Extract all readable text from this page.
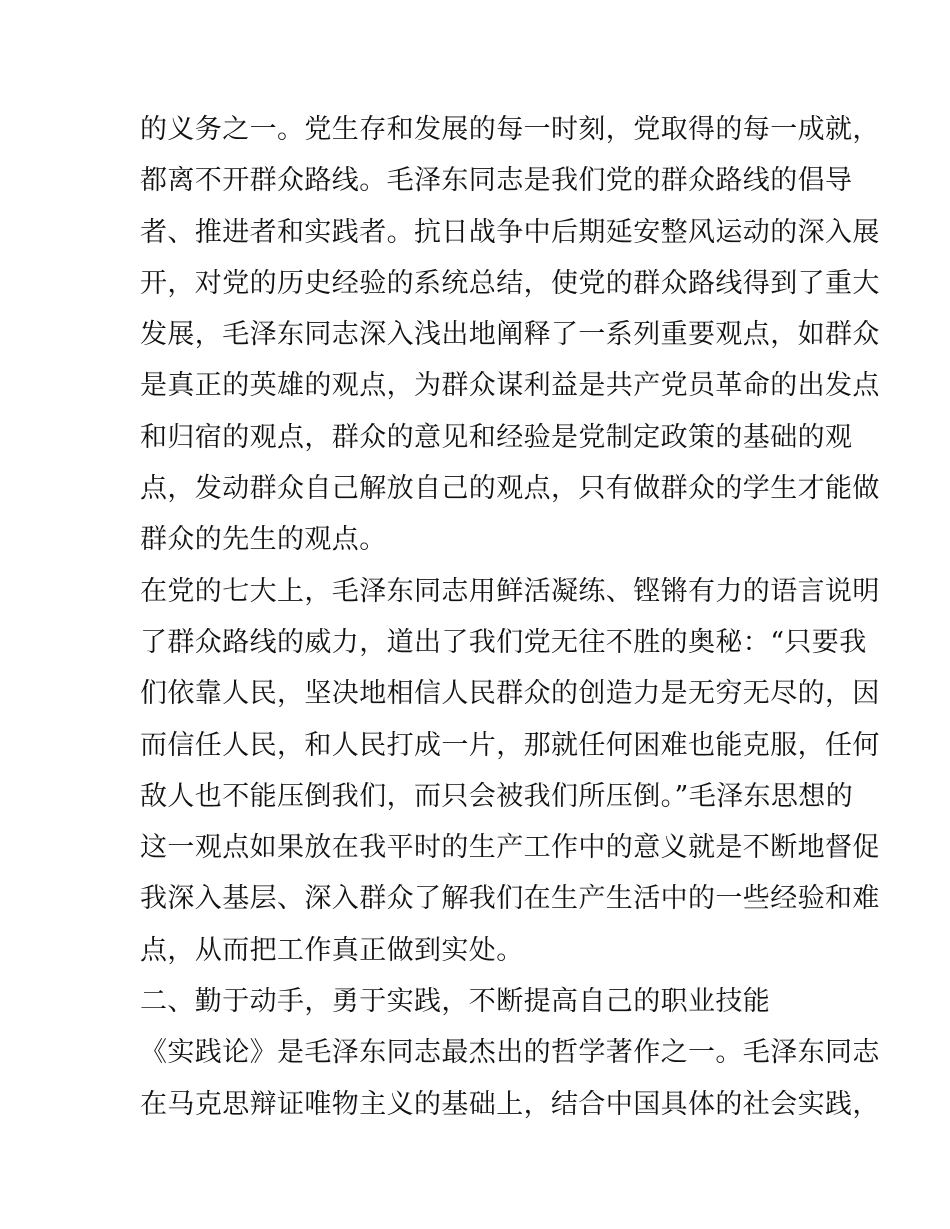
的义务之一。党生存和发展的每一时刻，党取得的每一成就，
都离不开群众路线。毛泽东同志是我们党的群众路线的倡导
者、推进者和实践者。抗日战争中后期延安整风运动的深入展
开，对党的历史经验的系统总结，使党的群众路线得到了重大
发展，毛泽东同志深入浅出地阐释了一系列重要观点，如群众
是真正的英雄的观点，为群众谋利益是共产党员革命的出发点
和归宿的观点，群众的意见和经验是党制定政策的基础的观
点，发动群众自己解放自己的观点，只有做群众的学生才能做
群众的先生的观点。
在党的七大上，毛泽东同志用鲜活凝练、铿锵有力的语言说明
了群众路线的威力，道出了我们党无往不胜的奥秘：“只要我
们依靠人民，坚决地相信人民群众的创造力是无穷无尽的，因
而信任人民，和人民打成一片，那就任何困难也能克服，任何
敌人也不能压倒我们，而只会被我们所压倒。”毛泽东思想的
这一观点如果放在我平时的生产工作中的意义就是不断地督促
我深入基层、深入群众了解我们在生产生活中的一些经验和难
点，从而把工作真正做到实处。
二、勤于动手，勇于实践，不断提高自己的职业技能
《实践论》是毛泽东同志最杰出的哲学著作之一。毛泽东同志
在马克思辩证唯物主义的基础上，结合中国具体的社会实践，
